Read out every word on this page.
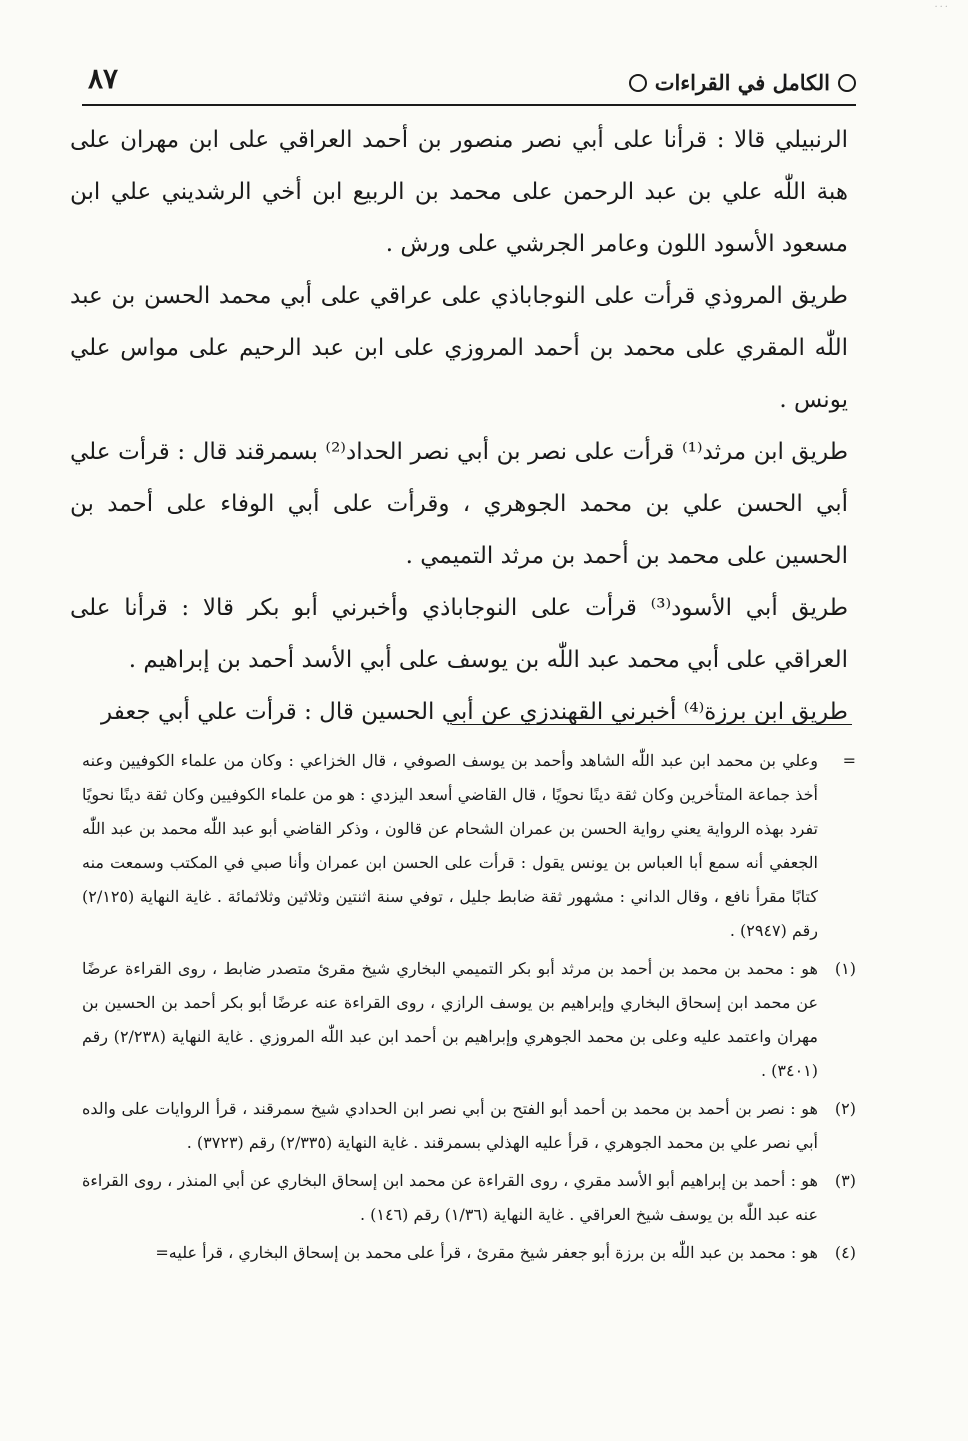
···
٨٧	الكامل في القراءات

الرنبيلي قالا : قرأنا على أبي نصر منصور بن أحمد العراقي على ابن مهران على هبة اللّٰه علي بن عبد الرحمن على محمد بن الربيع ابن أخي الرشديني علي ابن مسعود الأسود اللون وعامر الجرشي على ورش .

طريق المروذي قرأت على النوجاباذي على عراقي على أبي محمد الحسن بن عبد اللّٰه المقري على محمد بن أحمد المروزي على ابن عبد الرحيم على مواس علي يونس .

طريق ابن مرثد⁽¹⁾ قرأت على نصر بن أبي نصر الحداد⁽²⁾ بسمرقند قال : قرأت علي أبي الحسن علي بن محمد الجوهري ، وقرأت على أبي الوفاء على أحمد بن الحسين على محمد بن أحمد بن مرثد التميمي .

طريق أبي الأسود⁽³⁾ قرأت على النوجاباذي وأخبرني أبو بكر قالا : قرأنا على العراقي على أبي محمد عبد اللّٰه بن يوسف على أبي الأسد أحمد بن إبراهيم .

طريق ابن برزة⁽⁴⁾ أخبرني القهندزي عن أبي الحسين قال : قرأت علي أبي جعفر

=
وعلي بن محمد ابن عبد اللّٰه الشاهد وأحمد بن يوسف الصوفي ، قال الخزاعي : وكان من علماء الكوفيين وعنه أخذ جماعة المتأخرين وكان ثقة دينًا نحويًا ، قال القاضي أسعد اليزدي : هو من علماء الكوفيين وكان ثقة دينًا نحويًا تفرد بهذه الرواية يعني رواية الحسن بن عمران الشحام عن قالون ، وذكر القاضي أبو عبد اللّٰه محمد بن عبد اللّٰه الجعفي أنه سمع أبا العباس بن يونس يقول : قرأت على الحسن ابن عمران وأنا صبي في المكتب وسمعت منه كتابًا مقرأ نافع ، وقال الداني : مشهور ثقة ضابط جليل ، توفي سنة اثنتين وثلاثين وثلاثمائة . غاية النهاية (٢/١٢٥) رقم (٢٩٤٧) .
(١)
هو : محمد بن محمد بن أحمد بن مرثد أبو بكر التميمي البخاري شيخ مقرئ متصدر ضابط ، روى القراءة عرضًا عن محمد ابن إسحاق البخاري وإبراهيم بن يوسف الرازي ، روى القراءة عنه عرضًا أبو بكر أحمد بن الحسين بن مهران واعتمد عليه وعلى بن محمد الجوهري وإبراهيم بن أحمد ابن عبد اللّٰه المروزي . غاية النهاية (٢/٢٣٨) رقم (٣٤٠١) .
(٢)
هو : نصر بن أحمد بن محمد بن أحمد أبو الفتح بن أبي نصر ابن الحدادي شيخ سمرقند ، قرأ الروايات على والده أبي نصر علي بن محمد الجوهري ، قرأ عليه الهذلي بسمرقند . غاية النهاية (٢/٣٣٥) رقم (٣٧٢٣) .
(٣)
هو : أحمد بن إبراهيم أبو الأسد مقري ، روى القراءة عن محمد ابن إسحاق البخاري عن أبي المنذر ، روى القراءة عنه عبد اللّٰه بن يوسف شيخ العراقي . غاية النهاية (١/٣٦) رقم (١٤٦) .
(٤)
هو : محمد بن عبد اللّٰه بن برزة أبو جعفر شيخ مقرئ ، قرأ على محمد بن إسحاق البخاري ، قرأ عليه=
